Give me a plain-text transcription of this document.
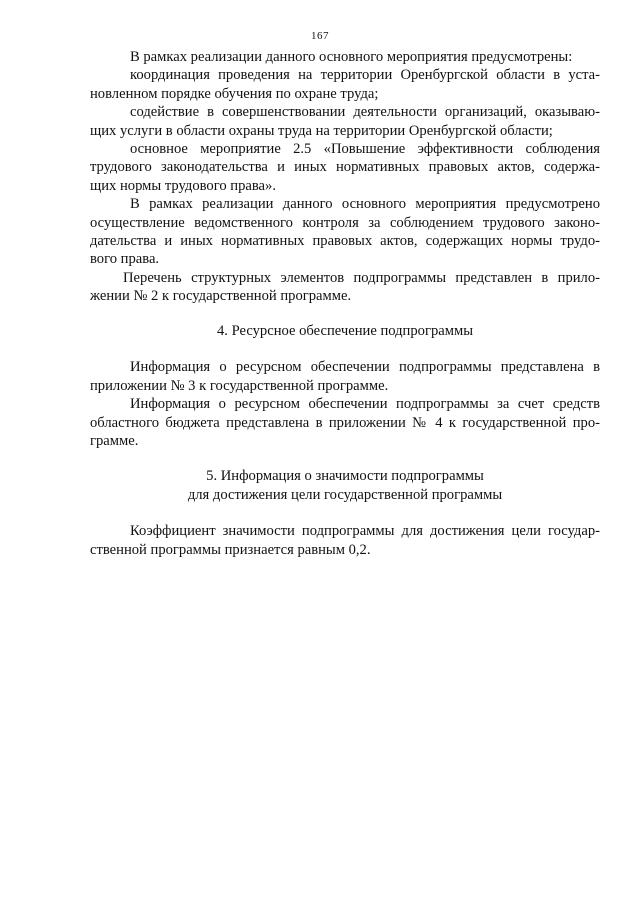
167
В рамках реализации данного основного мероприятия предусмотрены:
координация проведения на территории Оренбургской области в уста-
новленном порядке обучения по охране труда;
содействие в совершенствовании деятельности организаций, оказываю-
щих услуги в области охраны труда на территории Оренбургской области;
основное мероприятие 2.5 «Повышение эффективности соблюдения
трудового законодательства и иных нормативных правовых актов, содержа-
щих нормы трудового права».
В рамках реализации данного основного мероприятия предусмотрено
осуществление ведомственного контроля за соблюдением трудового законо-
дательства и иных нормативных правовых актов, содержащих нормы трудо-
вого права.
Перечень структурных элементов подпрограммы представлен в прило-
жении № 2 к государственной программе.
4. Ресурсное обеспечение подпрограммы
Информация о ресурсном обеспечении подпрограммы представлена в
приложении № 3 к государственной программе.
Информация о ресурсном обеспечении подпрограммы за счет средств
областного бюджета представлена в приложении № 4 к государственной про-
грамме.
5. Информация о значимости подпрограммы
для достижения цели государственной программы
Коэффициент значимости подпрограммы для достижения цели государ-
ственной программы признается равным 0,2.
